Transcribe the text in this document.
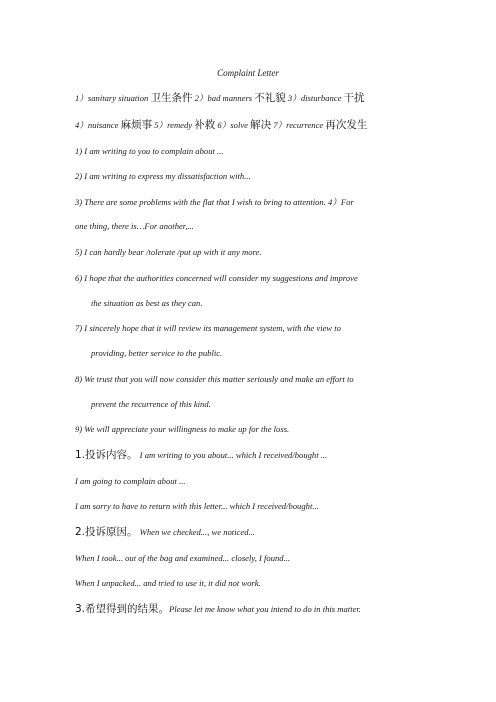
Complaint Letter
1）sanitary situation 卫生条件 2）bad manners 不礼貌 3）disturbance 干扰
4）nuisance 麻烦事 5）remedy 补救 6）solve 解决 7）recurrence 再次发生
1) I am writing to you to complain about ...
2) I am writing to express my dissatisfaction with...
3) There are some problems with the flat that I wish to bring to attention. 4）For
one thing, there is…For another,...
5) I can hardly bear /tolerate /put up with it any more.
6) I hope that the authorities concerned will consider my suggestions and improve
the situation as best as they can.
7) I sincerely hope that it will review its management system, with the view to
providing, better service to the public.
8) We trust that you will now consider this matter seriously and make an effort to
prevent the recurrence of this kind.
9) We will appreciate your willingness to make up for the loss.
1.投诉内容。 I am writing to you about... which I received/bought ...
I am going to complain about ...
I am sorry to have to return with this letter... which I received/bought...
2.投诉原因。 When we checked..., we noticed...
When I took... out of the bag and examined... closely, I found...
When I unpacked... and tried to use it, it did not work.
3.希望得到的结果。Please let me know what you intend to do in this matter.
